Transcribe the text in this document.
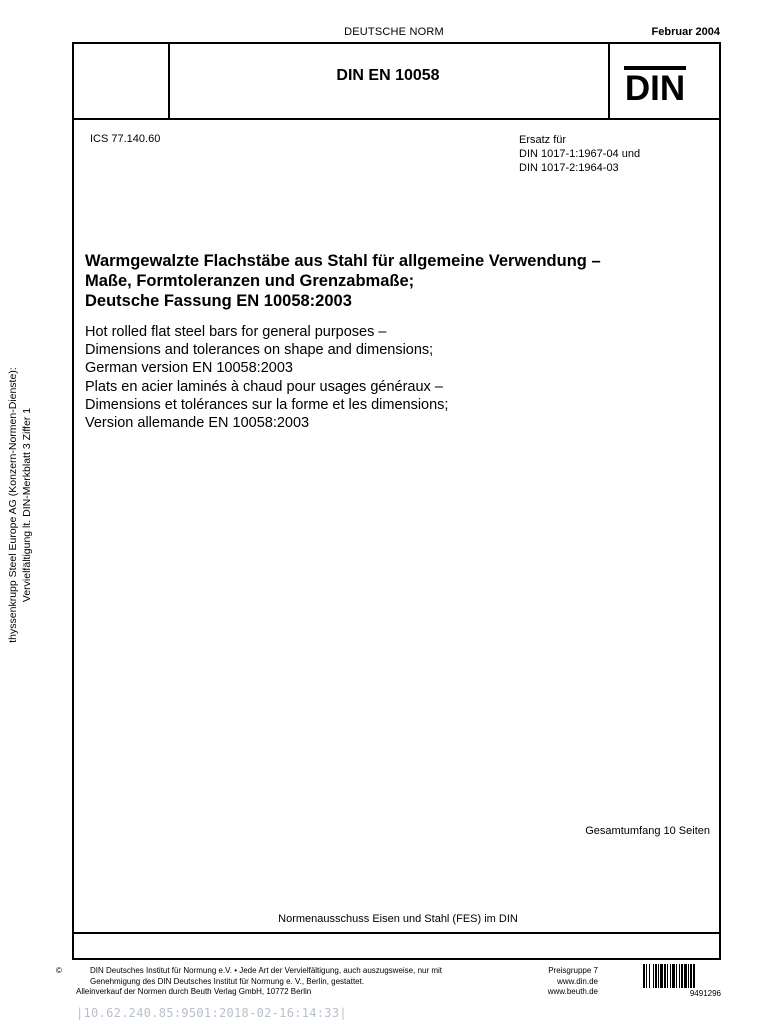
DEUTSCHE NORM	Februar 2004
DIN EN 10058	DIN
ICS 77.140.60	Ersatz für
DIN 1017-1:1967-04 und
DIN 1017-2:1964-03
Warmgewalzte Flachstäbe aus Stahl für allgemeine Verwendung –
Maße, Formtoleranzen und Grenzabmaße;
Deutsche Fassung EN 10058:2003
Hot rolled flat steel bars for general purposes –
Dimensions and tolerances on shape and dimensions;
German version EN 10058:2003
Plats en acier laminés à chaud pour usages généraux –
Dimensions et tolérances sur la forme et les dimensions;
Version allemande EN 10058:2003
thyssenkrupp Steel Europe AG (Konzern-Normen-Dienste): Vervielfältigung lt. DIN-Merkblatt 3 Ziffer 1
Gesamtumfang 10 Seiten
Normenausschuss Eisen und Stahl (FES) im DIN
©	DIN Deutsches Institut für Normung e.V. • Jede Art der Vervielfältigung, auch auszugsweise, nur mit
Genehmigung des DIN Deutsches Institut für Normung e. V., Berlin, gestattet.
Alleinverkauf der Normen durch Beuth Verlag GmbH, 10772 Berlin
Preisgruppe 7
www.din.de
www.beuth.de	9491296
|10.62.240.85:9501:2018-02-16:14:33|
